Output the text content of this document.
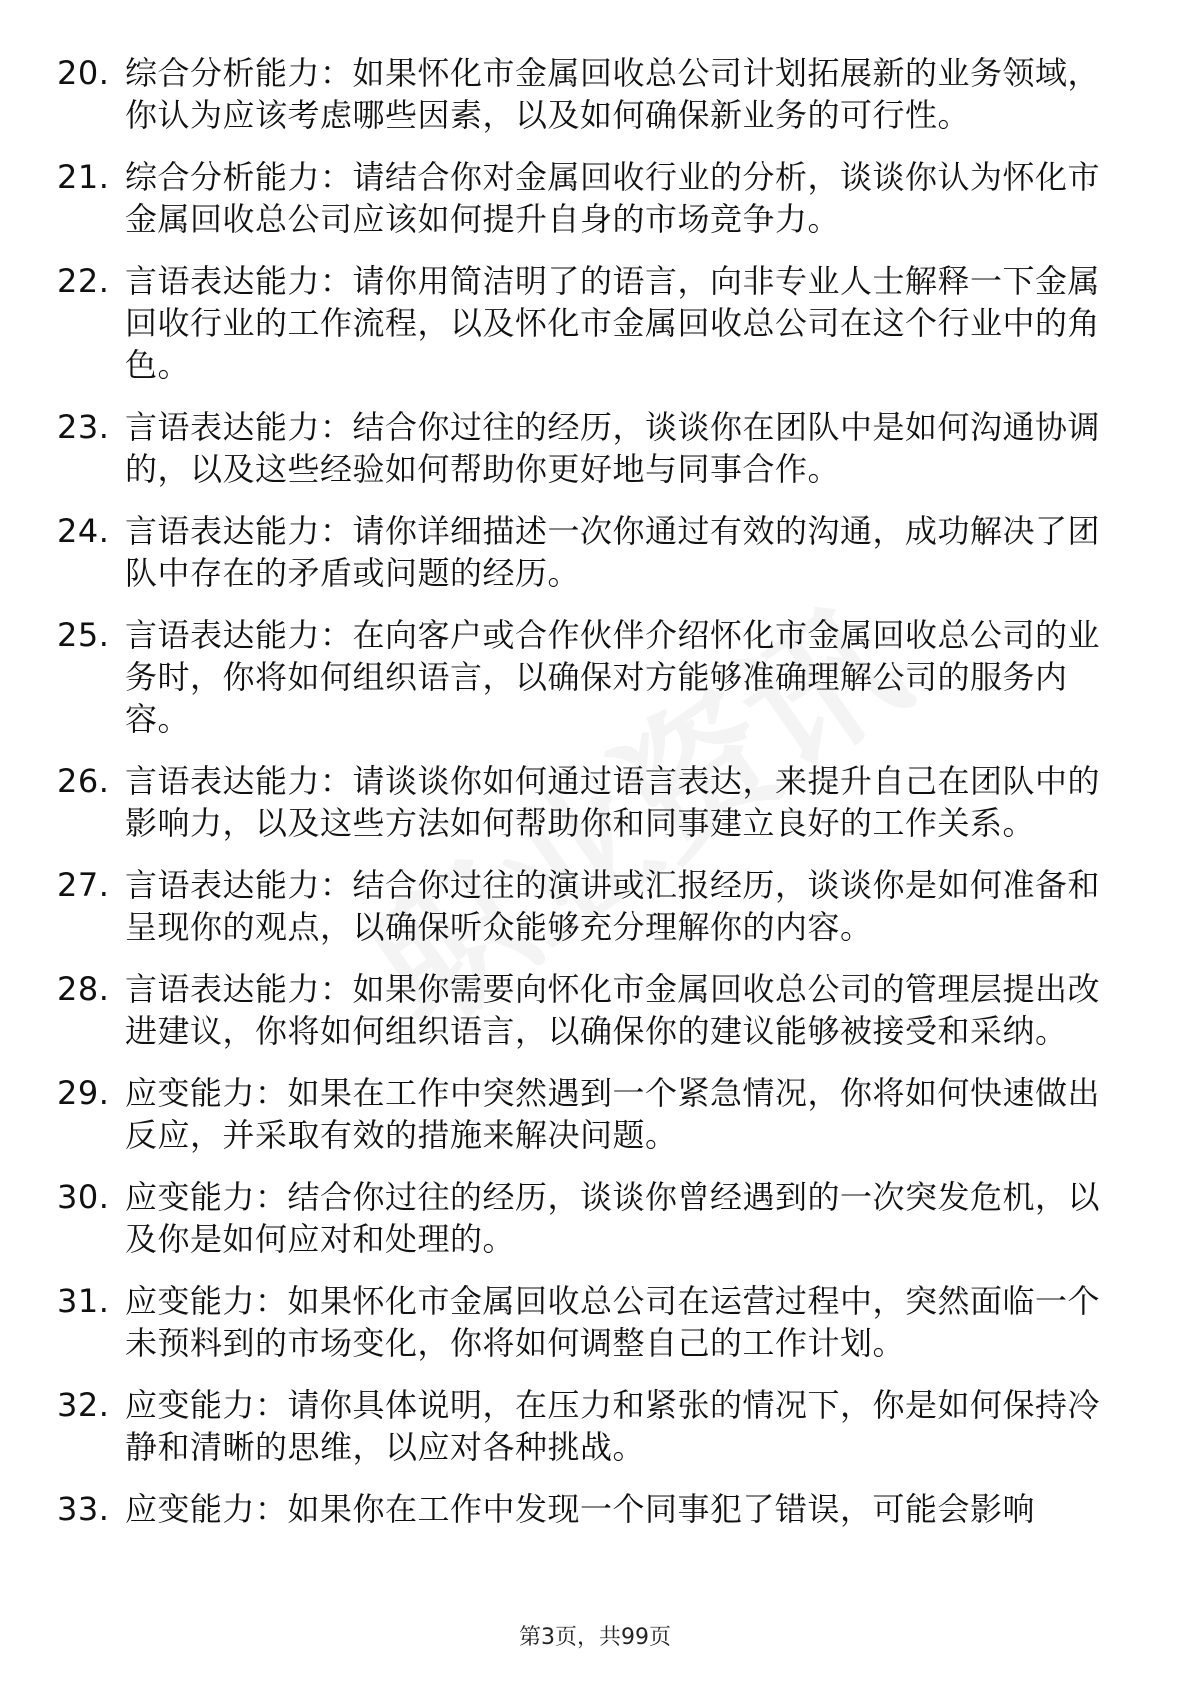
20. 综合分析能力：如果怀化市金属回收总公司计划拓展新的业务领域，你认为应该考虑哪些因素，以及如何确保新业务的可行性。
21. 综合分析能力：请结合你对金属回收行业的分析，谈谈你认为怀化市金属回收总公司应该如何提升自身的市场竞争力。
22. 言语表达能力：请你用简洁明了的语言，向非专业人士解释一下金属回收行业的工作流程，以及怀化市金属回收总公司在这个行业中的角色。
23. 言语表达能力：结合你过往的经历，谈谈你在团队中是如何沟通协调的，以及这些经验如何帮助你更好地与同事合作。
24. 言语表达能力：请你详细描述一次你通过有效的沟通，成功解决了团队中存在的矛盾或问题的经历。
25. 言语表达能力：在向客户或合作伙伴介绍怀化市金属回收总公司的业务时，你将如何组织语言，以确保对方能够准确理解公司的服务内容。
26. 言语表达能力：请谈谈你如何通过语言表达，来提升自己在团队中的影响力，以及这些方法如何帮助你和同事建立良好的工作关系。
27. 言语表达能力：结合你过往的演讲或汇报经历，谈谈你是如何准备和呈现你的观点，以确保听众能够充分理解你的内容。
28. 言语表达能力：如果你需要向怀化市金属回收总公司的管理层提出改进建议，你将如何组织语言，以确保你的建议能够被接受和采纳。
29. 应变能力：如果在工作中突然遇到一个紧急情况，你将如何快速做出反应，并采取有效的措施来解决问题。
30. 应变能力：结合你过往的经历，谈谈你曾经遇到的一次突发危机，以及你是如何应对和处理的。
31. 应变能力：如果怀化市金属回收总公司在运营过程中，突然面临一个未预料到的市场变化，你将如何调整自己的工作计划。
32. 应变能力：请你具体说明，在压力和紧张的情况下，你是如何保持冷静和清晰的思维，以应对各种挑战。
33. 应变能力：如果你在工作中发现一个同事犯了错误，可能会影响
第3页，共99页
